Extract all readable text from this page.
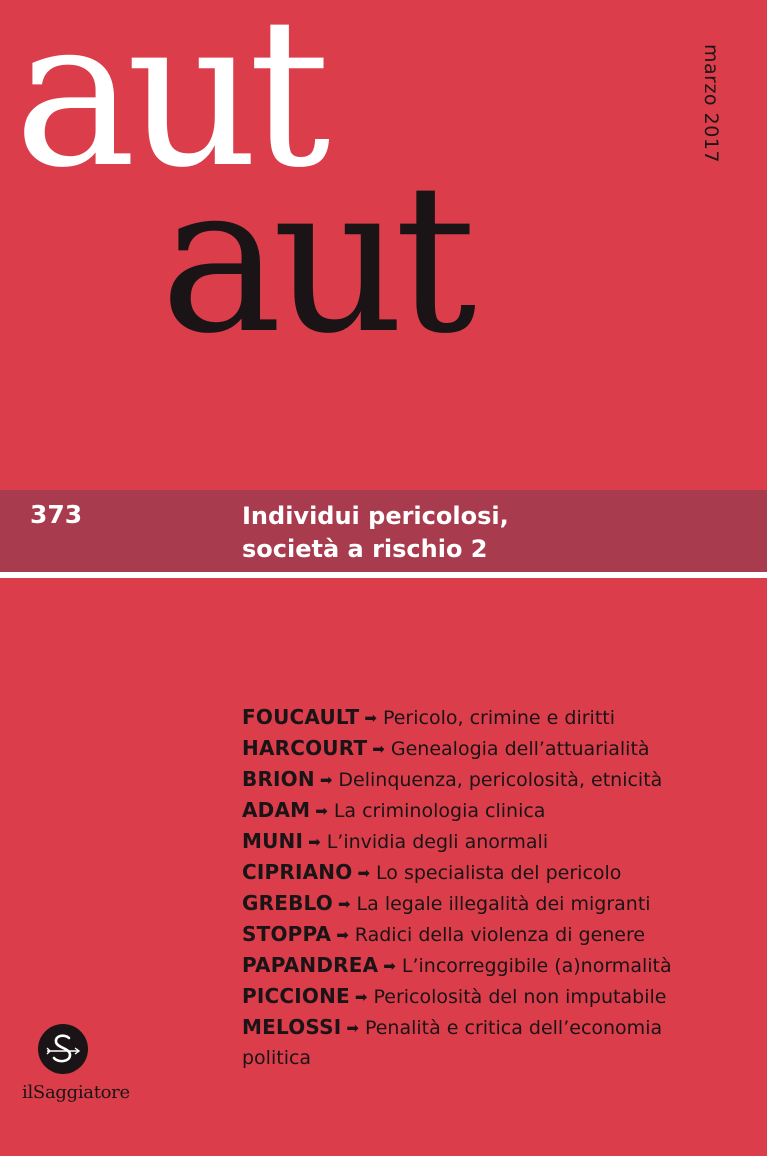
aut
aut
marzo 2017
373	Individui pericolosi,
società a rischio 2
FOUCAULT ➡ Pericolo, crimine e diritti
HARCOURT ➡ Genealogia dell’attuarialità
BRION ➡ Delinquenza, pericolosità, etnicità
ADAM ➡ La criminologia clinica
MUNI ➡ L’invidia degli anormali
CIPRIANO ➡ Lo specialista del pericolo
GREBLO ➡ La legale illegalità dei migranti
STOPPA ➡ Radici della violenza di genere
PAPANDREA ➡ L’incorreggibile (a)normalità
PICCIONE ➡ Pericolosità del non imputabile
MELOSSI ➡ Penalità e critica dell’economia
politica
ilSaggiatore
